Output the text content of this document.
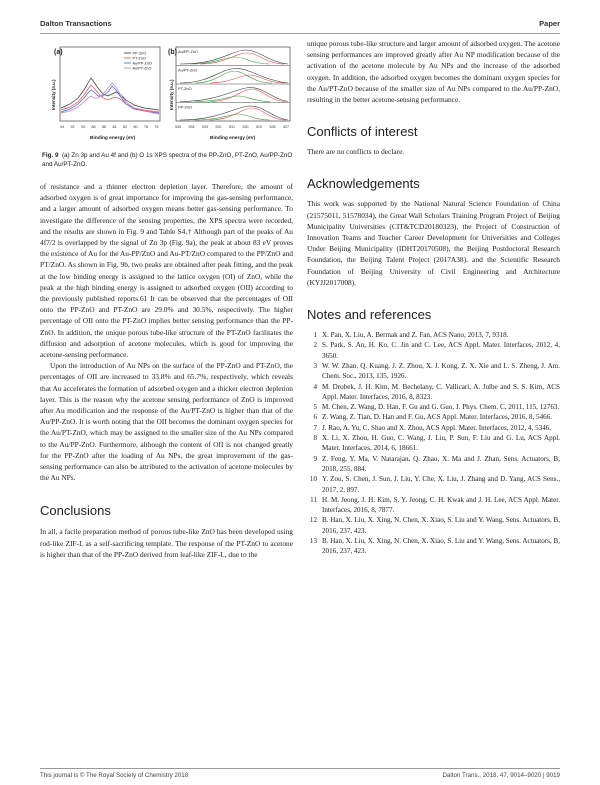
Dalton Transactions	Paper
(a)
Intensity (a.u.)
Binding energy (eV)
94 92 90 88 86 84 82 80 78 76
PP-ZnO
PT-ZnO
Au/PP-ZnO
Au/PT-ZnO
(b)
Intensity (a.u.)
Binding energy (eV)
535 534 533 532 531 530 529 528 527
Au/PP-ZnO
Au/PT-ZnO
PT-ZnO
PP-ZnO
Fig. 9 (a) Zn 3p and Au 4f and (b) O 1s XPS spectra of the PP-ZnO, PT-ZnO, Au/PP-ZnO and Au/PT-ZnO.

of resistance and a thinner electron depletion layer. Therefore, the amount of adsorbed oxygen is of great importance for improving the gas-sensing performance, and a larger amount of adsorbed oxygen means better gas-sensing performance. To investigate the difference of the sensing properties, the XPS spectra were recorded, and the results are shown in Fig. 9 and Table S4.† Although part of the peaks of Au 4f7/2 is overlapped by the signal of Zn 3p (Fig. 9a), the peak at about 83 eV proves the existence of Au for the Au-PP/ZnO and Au-PT/ZnO compared to the PP/ZnO and PT/ZnO. As shown in Fig. 9b, two peaks are obtained after peak fitting, and the peak at the low binding energy is assigned to the lattice oxygen (OI) of ZnO, while the peak at the high binding energy is assigned to adsorbed oxygen (OII) according to the previously published reports.61 It can be observed that the percentages of OII onto the PP-ZnO and PT-ZnO are 29.0% and 30.5%, respectively. The higher percentage of OII onto the PT-ZnO implies better sensing performance than the PP-ZnO. In addition, the unique porous tube-like structure of the PT-ZnO facilitates the diffusion and adsorption of acetone molecules, which is good for improving the acetone-sensing performance.

Upon the introduction of Au NPs on the surface of the PP-ZnO and PT-ZnO, the percentages of OII are increased to 33.8% and 65.7%, respectively, which reveals that Au accelerates the formation of adsorbed oxygen and a thicker electron depletion layer. This is the reason why the acetone sensing performance of ZnO is improved after Au modification and the response of the Au/PT-ZnO is higher than that of the Au/PP-ZnO. It is worth noting that the OII becomes the dominant oxygen species for the Au/PT-ZnO, which may be assigned to the smaller size of the Au NPs compared to the Au/PP-ZnO. Furthermore, although the content of OII is not changed greatly for the PP-ZnO after the loading of Au NPs, the great improvement of the gas-sensing performance can also be attributed to the activation of acetone molecules by the Au NPs.

Conclusions

In all, a facile preparation method of porous tube-like ZnO has been developed using rod-like ZIF-L as a self-sacrificing template. The response of the PT-ZnO to acetone is higher than that of the PP-ZnO derived from leaf-like ZIF-L, due to the

unique porous tube-like structure and larger amount of adsorbed oxygen. The acetone sensing performances are improved greatly after Au NP modification because of the activation of the acetone molecule by Au NPs and the increase of the adsorbed oxygen. In addition, the adsorbed oxygen becomes the dominant oxygen species for the Au/PT-ZnO because of the smaller size of Au NPs compared to the Au/PP-ZnO, resulting in the better acetone-sensing performance.

Conflicts of interest

There are no conflicts to declare.

Acknowledgements

This work was supported by the National Natural Science Foundation of China (21575011, 51578034), the Great Wall Scholars Training Program Project of Beijing Municipality Universities (CIT&TCD20180323), the Project of Construction of Innovation Teams and Teacher Career Development for Universities and Colleges Under Beijing Municipality (IDHT20170508), the Beijing Postdoctoral Research Foundation, the Beijing Talent Project (2017A38), and the Scientific Research Foundation of Beijing University of Civil Engineering and Architecture (KYJJ2017008).

Notes and references
1 X. Pan, X. Liu, A. Bermak and Z. Fan, ACS Nano, 2013, 7, 9318.
2 S. Park, S. An, H. Ko, C. Jin and C. Lee, ACS Appl. Mater. Interfaces, 2012, 4, 3650.
3 W. W. Zhan, Q. Kuang, J. Z. Zhou, X. J. Kong, Z. X. Xie and L. S. Zheng, J. Am. Chem. Soc., 2013, 135, 1926.
4 M. Drobek, J. H. Kim, M. Bechelany, C. Vallicari, A. Julbe and S. S. Kim, ACS Appl. Mater. Interfaces, 2016, 8, 8323.
5 M. Chen, Z. Wang, D. Han, F. Gu and G. Guo, J. Phys. Chem. C, 2011, 115, 12763.
6 Z. Wang, Z. Tian, D. Han and F. Gu, ACS Appl. Mater. Interfaces, 2016, 8, 5466.
7 J. Rao, A. Yu, C. Shao and X. Zhou, ACS Appl. Mater. Interfaces, 2012, 4, 5346.
8 X. Li, X. Zhou, H. Guo, C. Wang, J. Liu, P. Sun, F. Liu and G. Lu, ACS Appl. Mater. Interfaces, 2014, 6, 18661.
9 Z. Feng, Y. Ma, V. Natarajan, Q. Zhao, X. Ma and J. Zhan, Sens. Actuators, B, 2018, 255, 884.
10 Y. Zou, S. Chen, J. Sun, J. Liu, Y. Che, X. Liu, J. Zhang and D. Yang, ACS Sens., 2017, 2, 897.
11 H. M. Jeong, J. H. Kim, S. Y. Jeong, C. H. Kwak and J. H. Lee, ACS Appl. Mater. Interfaces, 2016, 8, 7877.
12 B. Han, X. Liu, X. Xing, N. Chen, X. Xiao, S. Liu and Y. Wang, Sens. Actuators, B, 2016, 237, 423.
13 B. Han, X. Liu, X. Xing, N. Chen, X. Xiao, S. Liu and Y. Wang, Sens. Actuators, B, 2016, 237, 423.
This journal is © The Royal Society of Chemistry 2018	Dalton Trans., 2018, 47, 9014–9020 | 9019
